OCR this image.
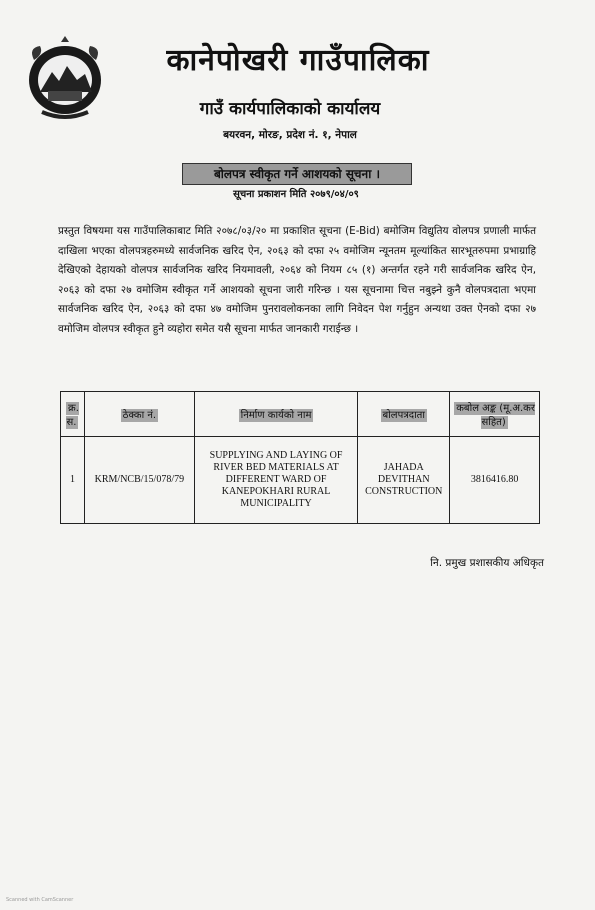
कानेपोखरी गाउँपालिका
गाउँ कार्यपालिकाको कार्यालय
बयरवन, मोरङ, प्रदेश नं. १, नेपाल
बोलपत्र स्वीकृत गर्ने आशयको सूचना ।
सूचना प्रकाशन मिति २०७९/०४/०९
प्रस्तुत विषयमा यस गाउँपालिकाबाट मिति २०७८/०३/२० मा प्रकाशित सूचना (E-Bid) बमोजिम विद्युतिय वोलपत्र प्रणाली मार्फत दाखिला भएका वोलपत्रहरुमध्ये सार्वजनिक खरिद ऐन, २०६३ को दफा २५ वमोजिम न्यूनतम मूल्यांकित सारभूतरुपमा प्रभाग्राहि देखिएको देहायको वोलपत्र सार्वजनिक खरिद नियमावली, २०६४ को नियम ८५ (१) अन्तर्गत रहने गरी सार्वजनिक खरिद ऐन, २०६३ को दफा २७ वमोजिम स्वीकृत गर्ने आशयको सूचना जारी गरिन्छ । यस सूचनामा चित्त नबुझ्ने कुनै वोलपत्रदाता भएमा सार्वजनिक खरिद ऐन, २०६३ को दफा ४७ वमोजिम पुनरावलोकनका लागि निवेदन पेश गर्नुहुन अन्यथा उक्त ऐनको दफा २७ वमोजिम वोलपत्र स्वीकृत हुने व्यहोरा समेत यसै सूचना मार्फत जानकारी गराईन्छ ।
क्र. स.	ठेक्का नं.	निर्माण कार्यको नाम	बोलपत्रदाता	कबोल अङ्क (मू.अ.कर सहित)
1	KRM/NCB/15/078/79	SUPPLYING AND LAYING OF RIVER BED MATERIALS AT DIFFERENT WARD OF KANEPOKHARI RURAL MUNICIPALITY	JAHADA DEVITHAN CONSTRUCTION	3816416.80
नि. प्रमुख प्रशासकीय अधिकृत
Scanned with CamScanner
